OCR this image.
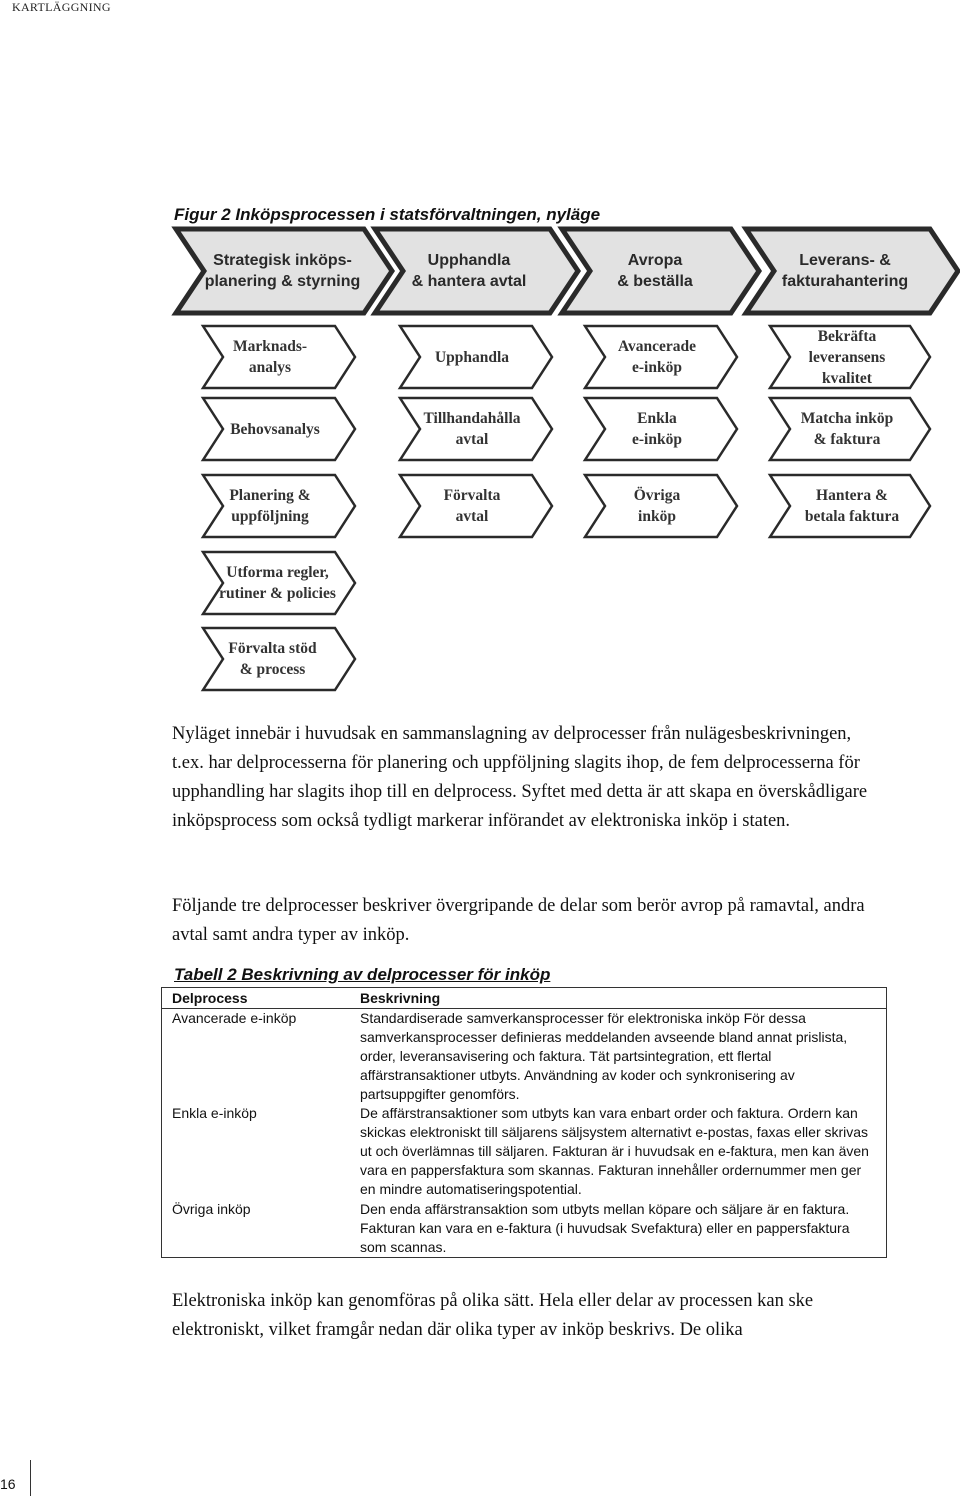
KARTLÄGGNING
Figur 2 Inköpsprocessen i statsförvaltningen, nyläge
Strategisk inköps-
planering & styrning
Upphandla
& hantera avtal
Avropa
& beställa
Leverans- &
fakturahantering
Marknads-
analys
Behovsanalys
Planering &
uppföljning
Utforma regler,
rutiner & policies
Förvalta stöd
& process
Upphandla
Tillhandahålla
avtal
Förvalta
avtal
Avancerade
e-inköp
Enkla
e-inköp
Övriga
inköp
Bekräfta
leveransens
kvalitet
Matcha inköp
& faktura
Hantera &
betala faktura
Nyläget innebär i huvudsak en sammanslagning av delprocesser från nulägesbeskrivningen, t.ex. har delprocesserna för planering och uppföljning slagits ihop, de fem delprocesserna för upphandling har slagits ihop till en delprocess. Syftet med detta är att skapa en överskådligare inköpsprocess som också tydligt markerar införandet av elektroniska inköp i staten.
Följande tre delprocesser beskriver övergripande de delar som berör avrop på ramavtal, andra avtal samt andra typer av inköp.
Tabell 2 Beskrivning av delprocesser för inköp
Delprocess	Beskrivning
Avancerade e-inköp	Standardiserade samverkansprocesser för elektroniska inköp För dessa samverkansprocesser definieras meddelanden avseende bland annat prislista, order, leveransavisering och faktura. Tät partsintegration, ett flertal affärstransaktioner utbyts. Användning av koder och synkronisering av partsuppgifter genomförs.
Enkla e-inköp	De affärstransaktioner som utbyts kan vara enbart order och faktura. Ordern kan skickas elektroniskt till säljarens säljsystem alternativt e-postas, faxas eller skrivas ut och överlämnas till säljaren. Fakturan är i huvudsak en e-faktura, men kan även vara en pappersfaktura som skannas. Fakturan innehåller ordernummer men ger en mindre automatiseringspotential.
Övriga inköp	Den enda affärstransaktion som utbyts mellan köpare och säljare är en faktura. Fakturan kan vara en e-faktura (i huvudsak Svefaktura) eller en pappersfaktura som scannas.
Elektroniska inköp kan genomföras på olika sätt. Hela eller delar av processen kan ske elektroniskt, vilket framgår nedan där olika typer av inköp beskrivs. De olika
16
